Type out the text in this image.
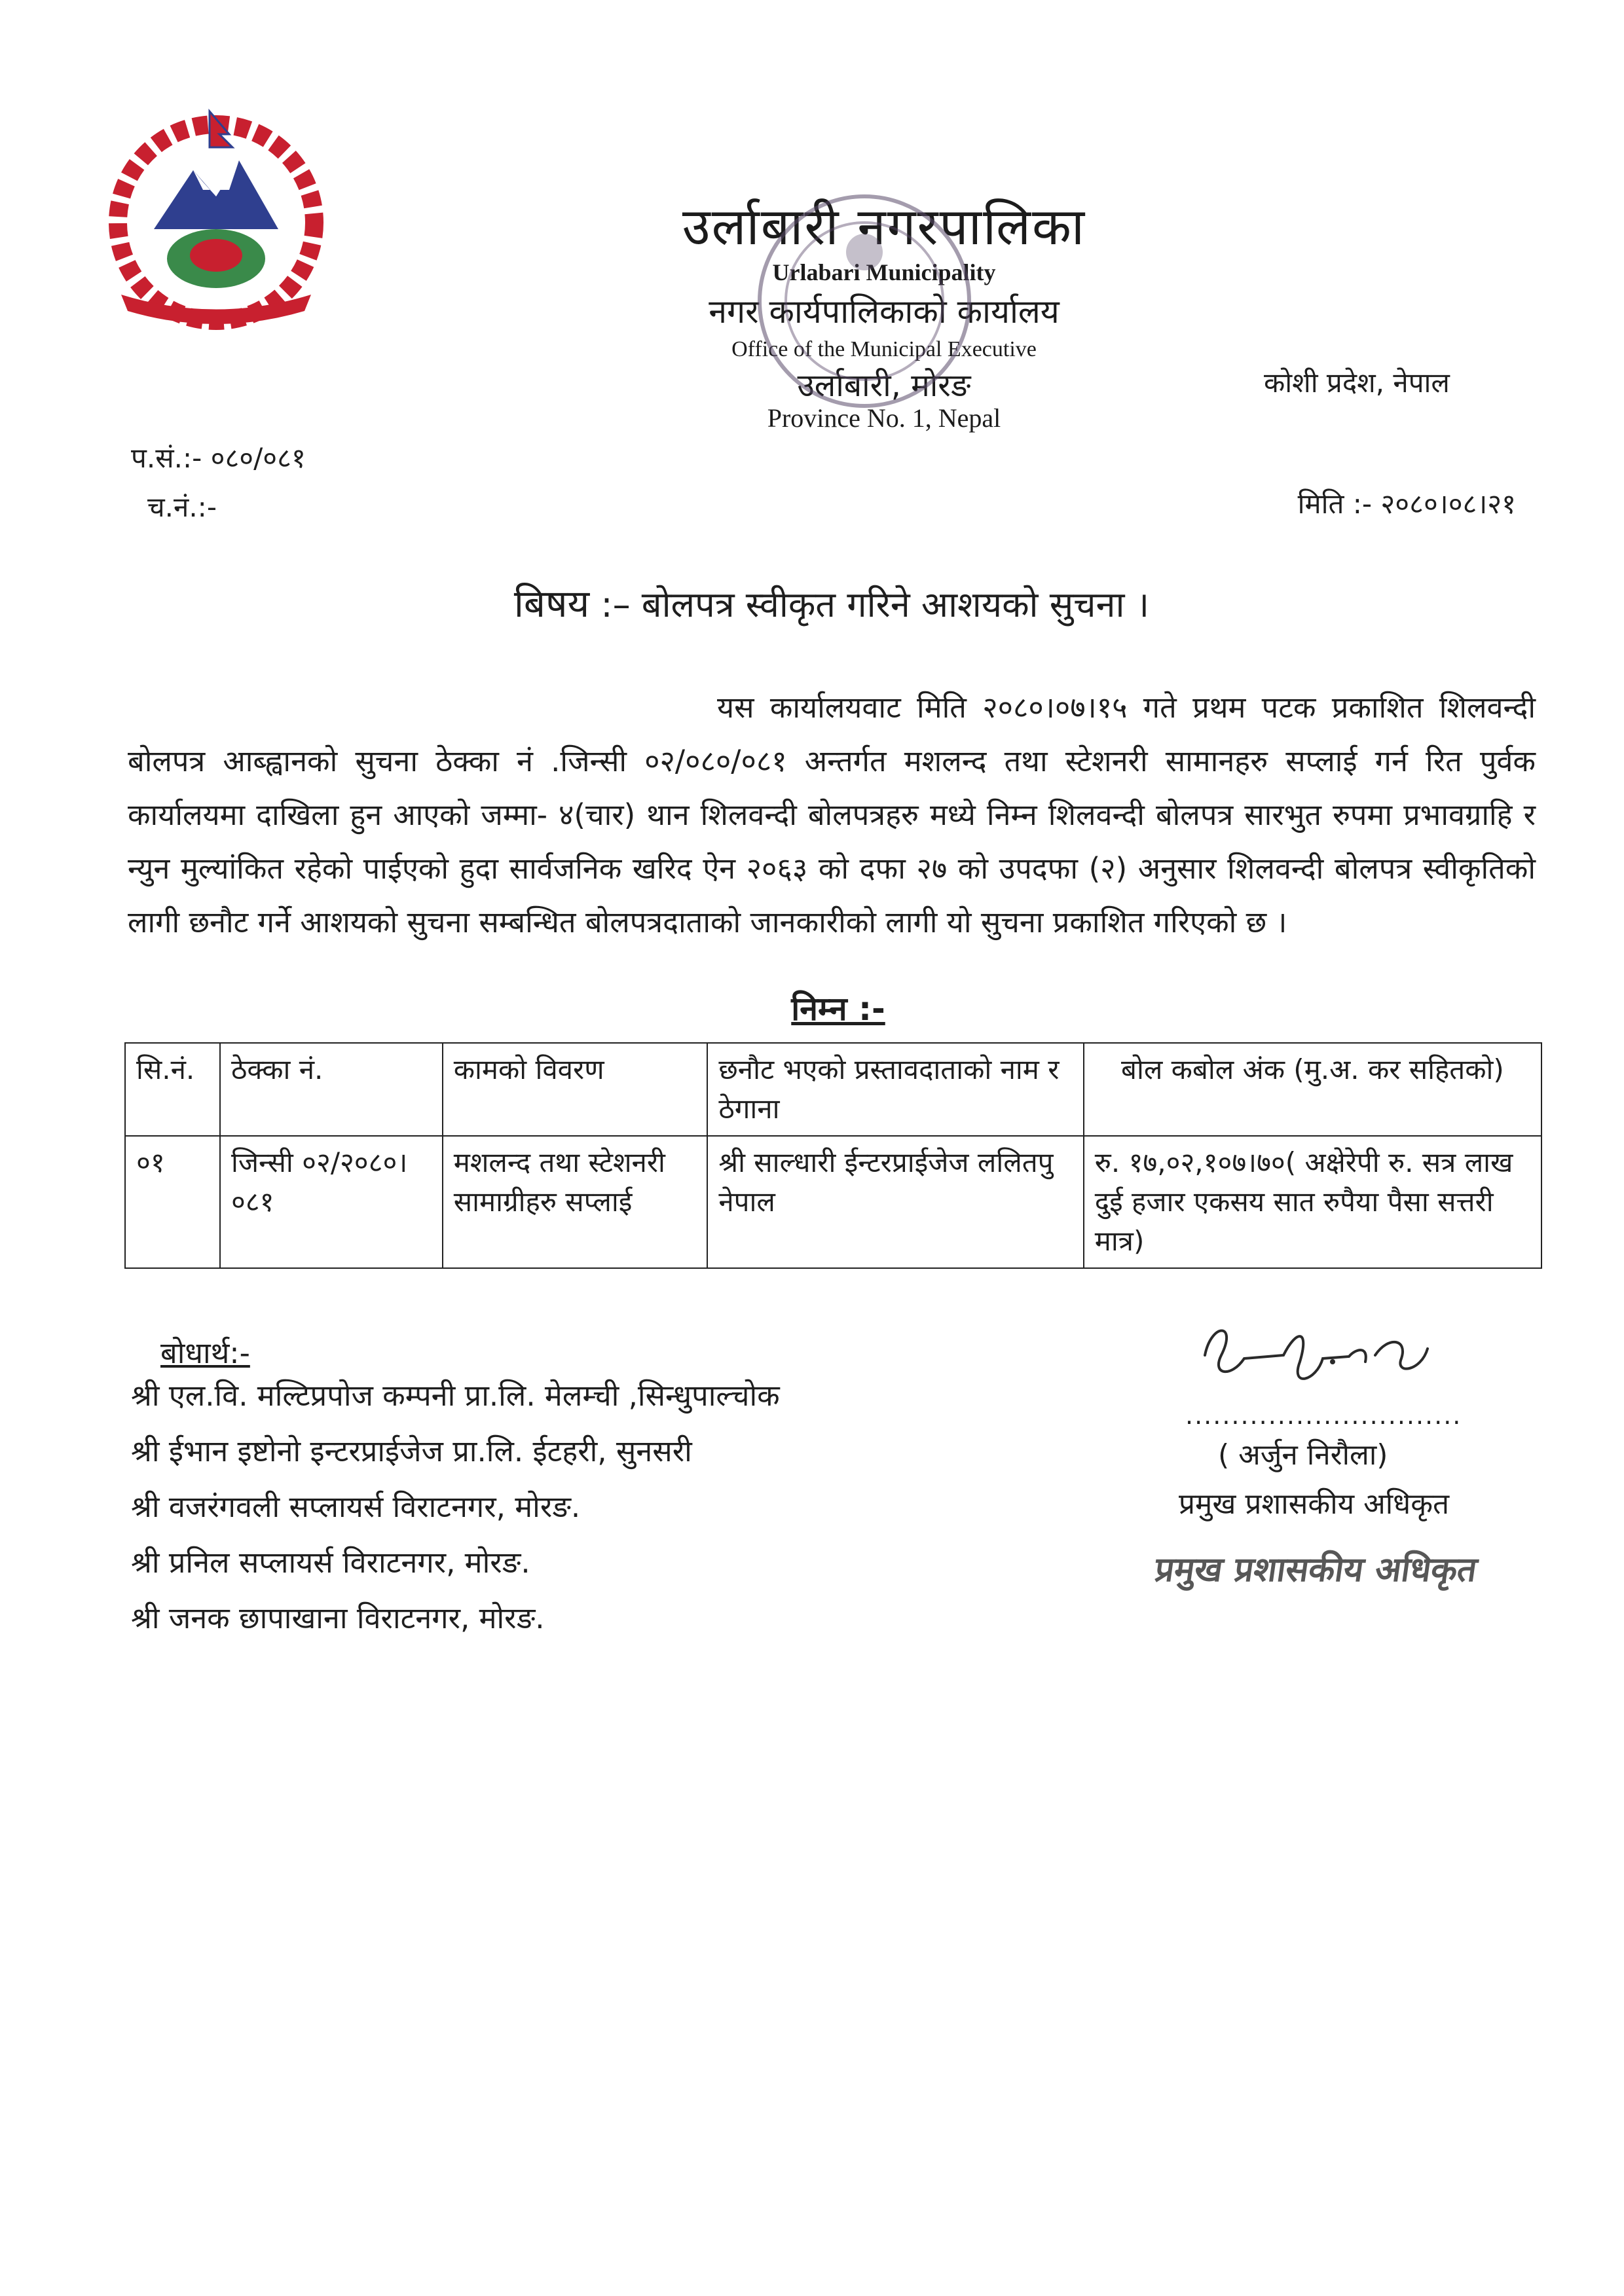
उर्लाबारी नगरपालिका
Urlabari Municipality
नगर कार्यपालिकाको कार्यालय
Office of the Municipal Executive
उर्लाबारी, मोरङ
Province No. 1, Nepal
कोशी प्रदेश, नेपाल
प.सं.:- ०८०/०८१
च.नं.:-	मिति :- २०८०।०८।२१
बिषय :– बोलपत्र स्वीकृत गरिने आशयको सुचना ।
यस कार्यालयवाट मिति २०८०।०७।१५ गते प्रथम पटक प्रकाशित शिलवन्दी बोलपत्र आब्ह्वानको सुचना ठेक्का नं .जिन्सी ०२/०८०/०८१ अन्तर्गत मशलन्द तथा स्टेशनरी सामानहरु सप्लाई गर्न रित पुर्वक कार्यालयमा दाखिला हुन आएको जम्मा- ४(चार) थान शिलवन्दी बोलपत्रहरु मध्ये निम्न शिलवन्दी बोलपत्र सारभुत रुपमा प्रभावग्राहि र न्युन मुल्यांकित रहेको पाईएको हुदा सार्वजनिक खरिद ऐन २०६३ को दफा २७ को उपदफा (२) अनुसार शिलवन्दी बोलपत्र स्वीकृतिको लागी छनौट गर्ने आशयको सुचना सम्बन्धित बोलपत्रदाताको जानकारीको लागी यो सुचना प्रकाशित गरिएको छ ।
निम्न :-
सि.नं.	ठेक्का नं.	कामको विवरण	छनौट भएको प्रस्तावदाताको नाम र ठेगाना	बोल कबोल अंक (मु.अ. कर सहितको)
०१	जिन्सी ०२/२०८०।०८१	मशलन्द तथा स्टेशनरी सामाग्रीहरु सप्लाई	श्री साल्धारी ईन्टरप्राईजेज ललितपु नेपाल	रु. १७,०२,१०७।७०( अक्षेरेपी रु. सत्र लाख दुई हजार एकसय सात रुपैया पैसा सत्तरी मात्र)
बोधार्थ:-
श्री एल.वि. मल्टिप्रपोज कम्पनी प्रा.लि. मेलम्ची ,सिन्धुपाल्चोक
श्री ईभान इष्टोनो इन्टरप्राईजेज प्रा.लि. ईटहरी, सुनसरी
श्री वजरंगवली सप्लायर्स विराटनगर, मोरङ.
श्री प्रनिल सप्लायर्स विराटनगर, मोरङ.
श्री जनक छापाखाना विराटनगर, मोरङ.
..............................
( अर्जुन निरौला)
प्रमुख प्रशासकीय अधिकृत
प्रमुख प्रशासकीय अधिकृत
